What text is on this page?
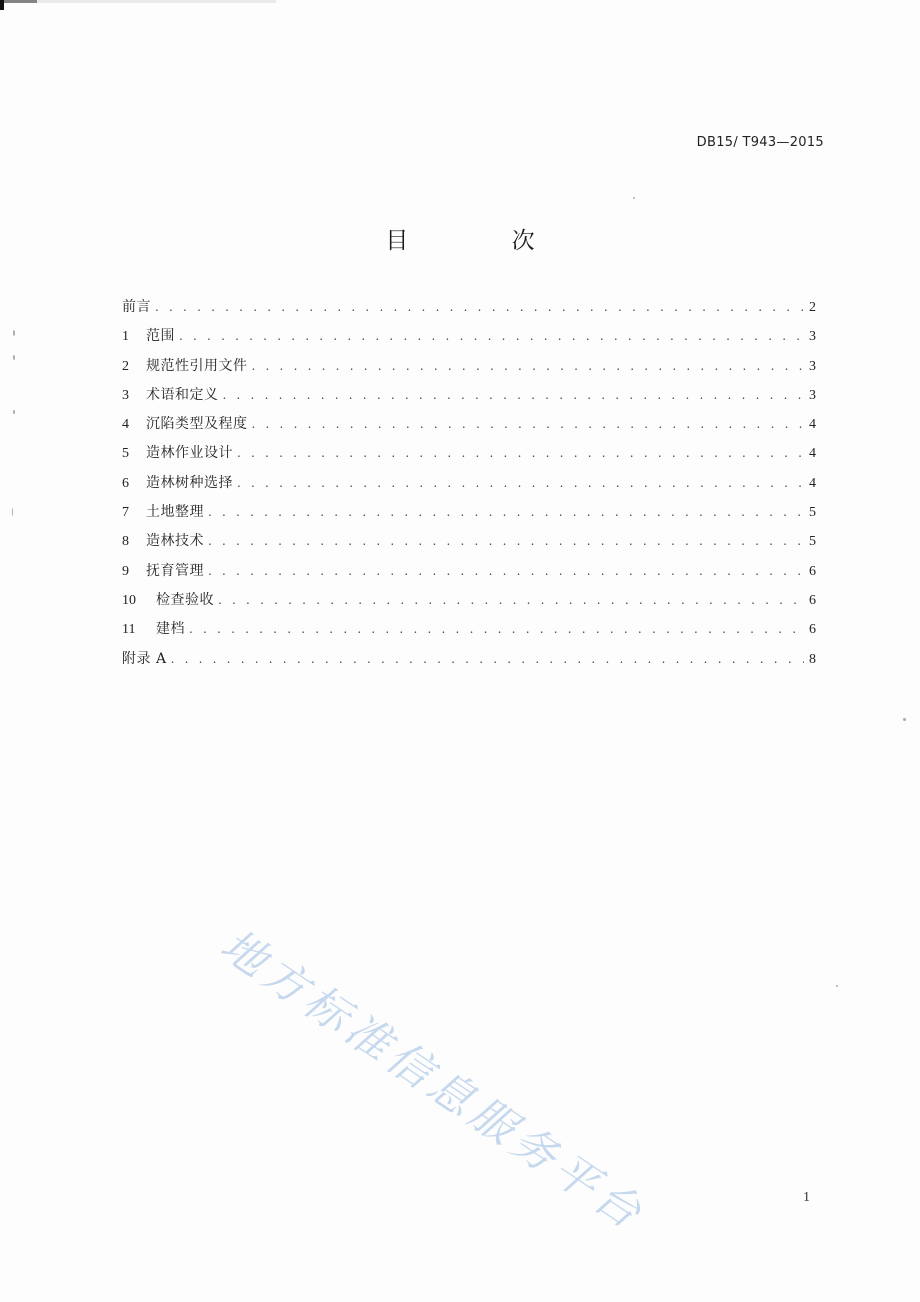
DB15/ T943—2015
目 次
前言 . . .	2
1	范围 . . .	3
2	规范性引用文件 . . .	3
3	术语和定义 . . .	3
4	沉陷类型及程度 . . .	4
5	造林作业设计 . . .	4
6	造林树种选择 . . .	4
7	土地整理 . . .	5
8	造林技术 . . .	5
9	抚育管理 . . .	6
10	检查验收 . . .	6
11	建档 . . .	6
附录 A . . .	8
地方标准信息服务平台	1
